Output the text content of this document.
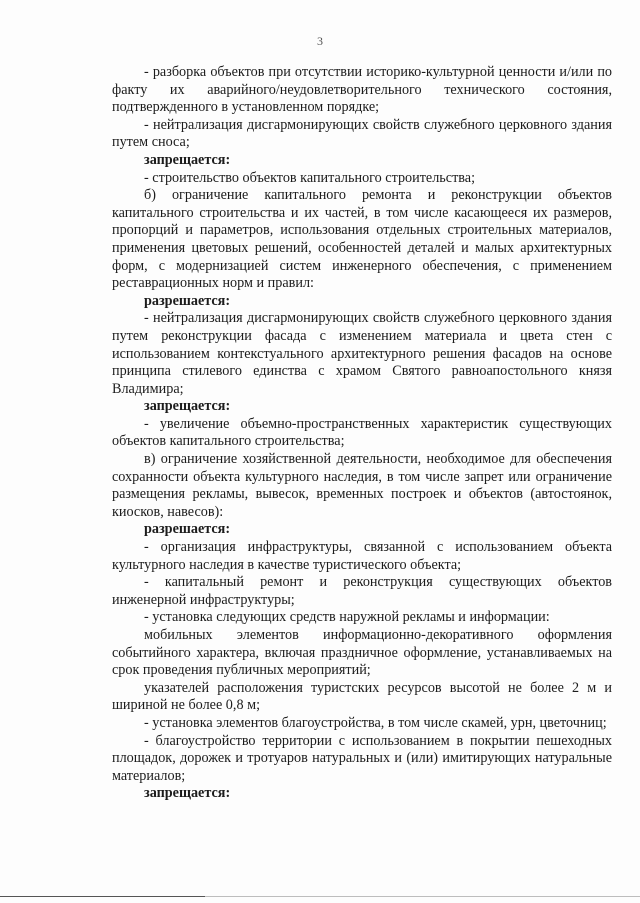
3

- разборка объектов при отсутствии историко-культурной ценности и/или по факту их аварийного/неудовлетворительного технического состояния, подтвержденного в установленном порядке;

- нейтрализация дисгармонирующих свойств служебного церковного здания путем сноса;

запрещается:

- строительство объектов капитального строительства;

б) ограничение капитального ремонта и реконструкции объектов капитального строительства и их частей, в том числе касающееся их размеров, пропорций и параметров, использования отдельных строительных материалов, применения цветовых решений, особенностей деталей и малых архитектурных форм, с модернизацией систем инженерного обеспечения, с применением реставрационных норм и правил:

разрешается:

- нейтрализация дисгармонирующих свойств служебного церковного здания путем реконструкции фасада с изменением материала и цвета стен с использованием контекстуального архитектурного решения фасадов на основе принципа стилевого единства с храмом Святого равноапостольного князя Владимира;

запрещается:

- увеличение объемно-пространственных характеристик существующих объектов капитального строительства;

в) ограничение хозяйственной деятельности, необходимое для обеспечения сохранности объекта культурного наследия, в том числе запрет или ограничение размещения рекламы, вывесок, временных построек и объектов (автостоянок, киосков, навесов):

разрешается:

- организация инфраструктуры, связанной с использованием объекта культурного наследия в качестве туристического объекта;

- капитальный ремонт и реконструкция существующих объектов инженерной инфраструктуры;

- установка следующих средств наружной рекламы и информации:

мобильных элементов информационно-декоративного оформления событийного характера, включая праздничное оформление, устанавливаемых на срок проведения публичных мероприятий;

указателей расположения туристских ресурсов высотой не более 2 м и шириной не более 0,8 м;

- установка элементов благоустройства, в том числе скамей, урн, цветочниц;

- благоустройство территории с использованием в покрытии пешеходных площадок, дорожек и тротуаров натуральных и (или) имитирующих натуральные материалов;

запрещается:
